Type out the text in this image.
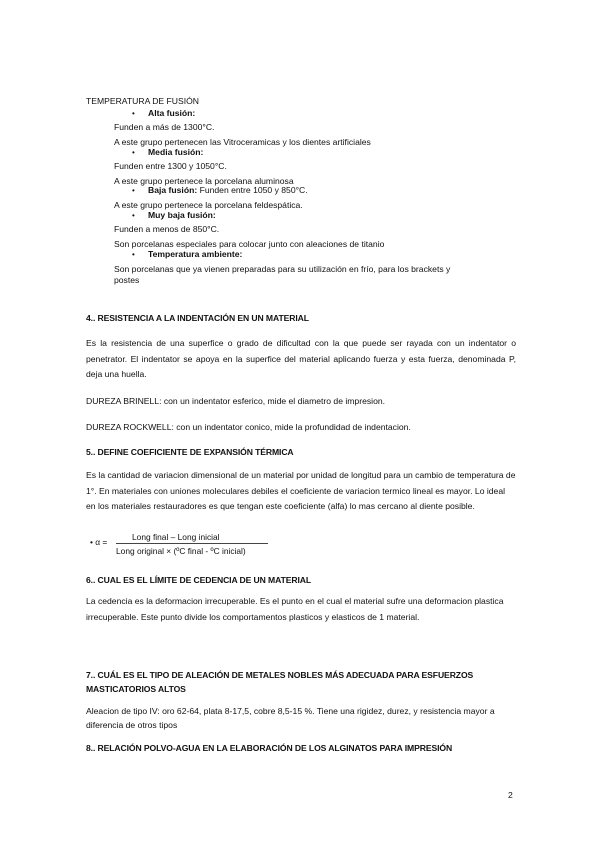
TEMPERATURA DE FUSIÓN
• Alta fusión:
Funden a más de 1300°C.
A este grupo pertenecen las Vitroceramicas y los dientes artificiales
• Media fusión:
Funden entre 1300 y 1050°C.
A este grupo pertenece la porcelana aluminosa
• Baja fusión: Funden entre 1050 y 850°C.
A este grupo pertenece la porcelana feldespática.
• Muy baja fusión:
Funden a menos de 850°C.
Son porcelanas especiales para colocar junto con aleaciones de titanio
• Temperatura ambiente:
Son porcelanas que ya vienen preparadas para su utilización en frío, para los brackets y
postes
4.. RESISTENCIA A LA INDENTACIÓN EN UN MATERIAL
Es la resistencia de una superfice o grado de dificultad con la que puede ser rayada con un indentator o penetrator. El indentator se apoya en la superfice del material aplicando fuerza y esta fuerza, denominada P, deja una huella.
DUREZA BRINELL: con un indentator esferico, mide el diametro de impresion.
DUREZA ROCKWELL: con un indentator conico, mide la profundidad de indentacion.
5.. DEFINE COEFICIENTE DE EXPANSIÓN TÉRMICA
Es la cantidad de variacion dimensional de un material por unidad de longitud para un cambio de temperatura de 1°. En materiales con uniones moleculares debiles el coeficiente de variacion termico lineal es mayor. Lo ideal en los materiales restauradores es que tengan este coeficiente (alfa) lo mas cercano al diente posible.
• α =	Long final – Long inicial
Long original × (ºC final - ºC inicial)
6.. CUAL ES EL LÍMITE DE CEDENCIA DE UN MATERIAL
La cedencia es la deformacion irrecuperable. Es el punto en el cual el material sufre una deformacion plastica irrecuperable. Este punto divide los comportamentos plasticos y elasticos de 1 material.
7.. CUÁL ES EL TIPO DE ALEACIÓN DE METALES NOBLES MÁS ADECUADA PARA ESFUERZOS
MASTICATORIOS ALTOS
Aleacion de tipo IV: oro 62-64, plata 8-17,5, cobre 8,5-15 %. Tiene una rigidez, durez, y resistencia mayor a diferencia de otros tipos
8.. RELACIÓN POLVO-AGUA EN LA ELABORACIÓN DE LOS ALGINATOS PARA IMPRESIÓN
2
